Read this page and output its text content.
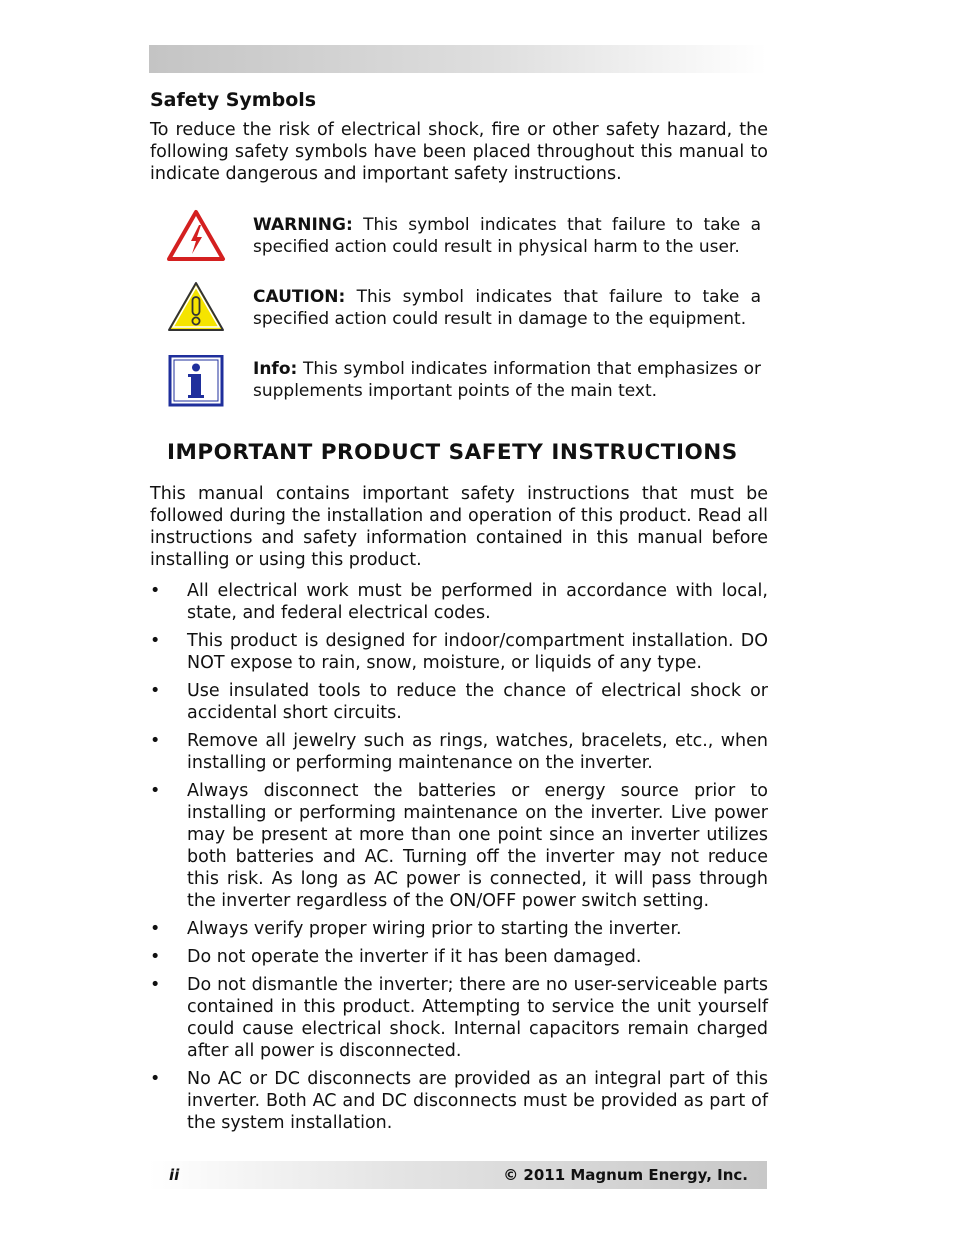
Safety Symbols

To reduce the risk of electrical shock, fire or other safety hazard, the following safety symbols have been placed throughout this manual to indicate dangerous and important safety instructions.

WARNING: This symbol indicates that failure to take a specified action could result in physical harm to the user.

CAUTION: This symbol indicates that failure to take a specified action could result in damage to the equipment.

Info: This symbol indicates information that emphasizes or supplements important points of the main text.

IMPORTANT PRODUCT SAFETY INSTRUCTIONS

This manual contains important safety instructions that must be followed during the installation and operation of this product. Read all instructions and safety information contained in this manual before installing or using this product.

• All electrical work must be performed in accordance with local, state, and federal electrical codes.
• This product is designed for indoor/compartment installation. DO NOT expose to rain, snow, moisture, or liquids of any type.
• Use insulated tools to reduce the chance of electrical shock or accidental short circuits.
• Remove all jewelry such as rings, watches, bracelets, etc., when installing or performing maintenance on the inverter.
• Always disconnect the batteries or energy source prior to installing or performing maintenance on the inverter. Live power may be present at more than one point since an inverter utilizes both batteries and AC. Turning off the inverter may not reduce this risk. As long as AC power is connected, it will pass through the inverter regardless of the ON/OFF power switch setting.
• Always verify proper wiring prior to starting the inverter.
• Do not operate the inverter if it has been damaged.
• Do not dismantle the inverter; there are no user-serviceable parts contained in this product. Attempting to service the unit yourself could cause electrical shock. Internal capacitors remain charged after all power is disconnected.
• No AC or DC disconnects are provided as an integral part of this inverter. Both AC and DC disconnects must be provided as part of the system installation.
ii	© 2011 Magnum Energy, Inc.
